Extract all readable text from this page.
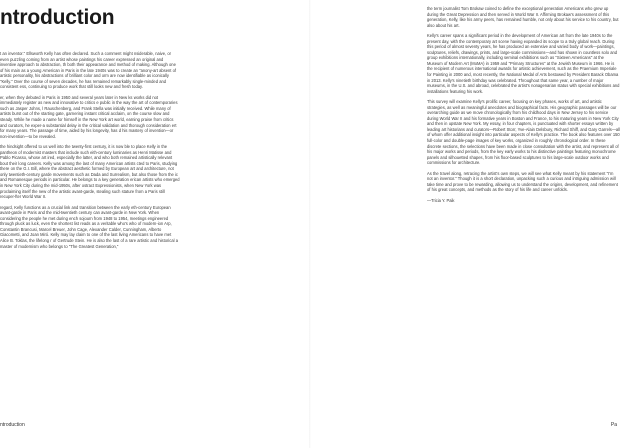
ntroduction

t an inventor." Ellsworth Kelly has often declared. Such a comment might nsiderable, naive, or even puzzling coming from an artist whose paintings his career expressed an original and inventive approach to abstraction, th both their appearance and method of making. Although one of his main as a young American in Paris in the late 1940s was to create an "anony-art absent of artistic personality, his abstractions of brilliant color and orm are now identifiable as iconically "Kelly." Over the course of seven decades, he has remained remarkably single-minded and consistent ess, continuing to produce work that still looks new and fresh today.

er, when they debuted in Paris in 1950 and several years later in New ks works did not immediately register as new and innovative to critics e public in the way the art of contemporaries such as Jasper Johns, l Rauschenberg, and Frank Stella was initially received. While many of artists burst out of the starting gate, garnering instant critical acclaim, on the course slow and steady. While he made a name for himself in the New York art world, earning praise from critics and curators, he exper-a substantial delay in the critical validation and thorough consideration ert for many years. The passage of time, aided by his longevity, has d his mastery of invention—or non-invention—to be revealed.

the hindsight offered to us well into the twenty-first century, it is now ble to place Kelly in the pantheon of modernist masters that include such eith-century luminaries as Henri Matisse and Pablo Picasso, whose art ired, especially the latter, and who both remained artistically relevant bout their long careers. Kelly was among the last of many American artists cted to Paris, studying there on the G.I. Bill, where the abstract aesthetic formed by European art and architecture, not only twentieth-century garde movements such as Dada and Surrealism, but also those from the ic and Romanesque periods in particular. He belongs to a key generation erican artists who emerged in New York City during the mid-1950s, after ostract Expressionists, when New York was proclaiming itself the new of the artistic avant-garde, stealing such stature from a Paris still recuper-fter World War II.

regard, Kelly functions as a crucial link and transition between the early eth-century European avant-garde in Paris and the mid-twentieth century can avant-garde in New York. When considering the people he met during ench sojourn from 1948 to 1954, meetings engineered through pluck as luck, even the shortest list reads as a veritable who's who of modern-ion Arp, Constantin Brancusi, Marcel Breuer, John Cage, Alexander Calder, Cunningham, Alberto Giacometti, and Joan Miró. Kelly may lay claim to one of the last living Americans to have met Alice B. Toklas, the lifelong r of Gertrude Stein. He is also the last of a rare artistic and historical a master of modernism who belongs to "The Greatest Generation,"

ntroduction

the term journalist Tom Brokaw coined to define the exceptional generation Americans who grew up during the Great Depression and then served in World War II. Affirming Brokaw's assessment of this generation, Kelly, like his army peers, has remained humble, not only about his service to his country, but also about his art.

Kelly's career spans a significant period in the development of American art from the late 1940s to the present day, with the contemporary art scene having expanded its scope to a truly global reach. During this period of almost seventy years, he has produced an extensive and varied body of work—paintings, sculptures, reliefs, drawings, prints, and large-scale commissions—and has shown in countless solo and group exhibitions internationally, including seminal exhibitions such as "Sixteen Americans" at the Museum of Modern Art (MoMA) in 1959 and "Primary Structures" at the Jewish Museum in 1966. He is the recipient of numerous international awards for artistic achievement, such as the Praemium Imperiale for Painting in 2000 and, most recently, the National Medal of Arts bestowed by President Barack Obama in 2013. Kelly's ninetieth birthday was celebrated. Throughout that same year, a number of major museums, in the U.S. and abroad, celebrated the artist's nonagenarian status with special exhibitions and installations featuring his work.

This survey will examine Kelly's prolific career, focusing on key phases, works of art, and artistic strategies, as well as meaningful anecdotes and biographical facts. His geographic passages will be our overarching guide as we move chronologically from his childhood days in New Jersey to his service during World War II and his formative years in Boston and France, to his maturing years in New York City and then in upstate New York. My essay, in four chapters, is punctuated with shorter essays written by leading art historians and curators—Robert Storr, Yve-Alain Delsbury, Richard Shiff, and Gary Garrels—all of whom offer additional insight into particular aspects of Kelly's practice. The book also features over 150 full-color and double-page images of key works, organized in roughly chronological order. In these discrete sections, the selections have been made in close consultation with the artist, and represent all of his major works and periods, from the key early works to his distinctive paintings featuring monochrome panels and silhouetted shapes, from his floor-based sculptures to his large-scale outdoor works and commissions for architecture.

As the travel along, retracing the artist's own steps, we will see what Kelly meant by his statement "I'm not an inventor." Though it is a short declaration, unpacking such a curious and intriguing admission will take time and prove to be rewarding, allowing us to understand the origins, development, and refinement of his great concepts, and methods as the story of his life and career unfolds.

—Tricia Y. Paik

Pa
